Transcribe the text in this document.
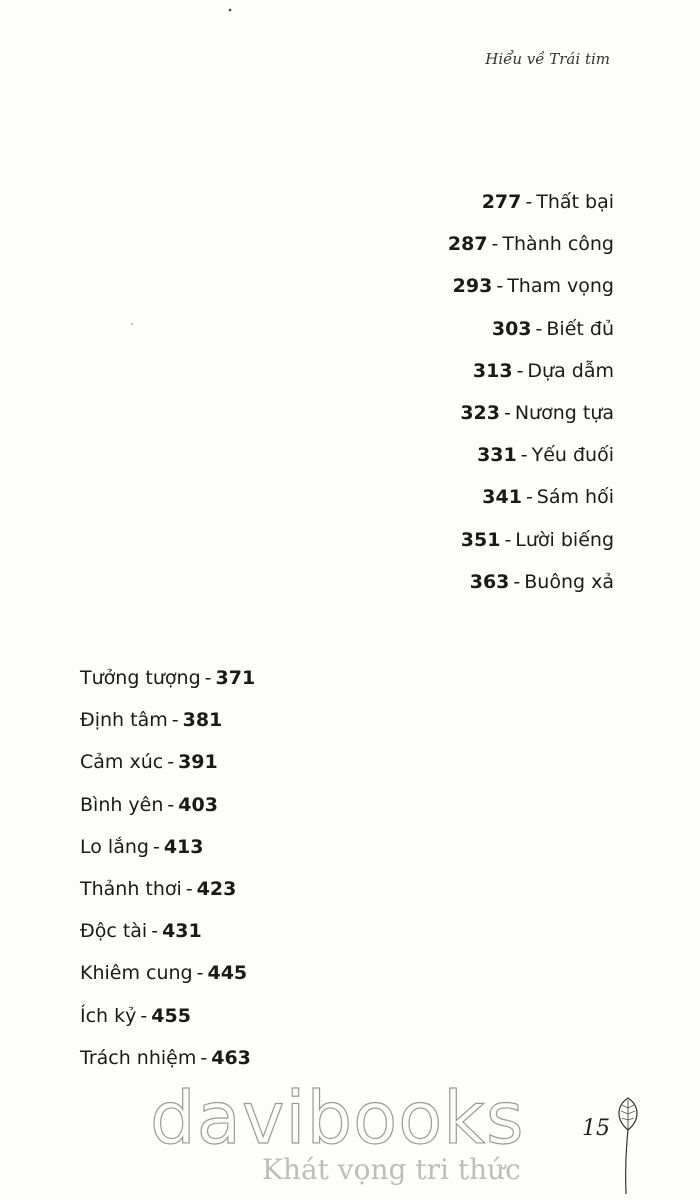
Hiểu về Trái tim
277 - Thất bại
287 - Thành công
293 - Tham vọng
303 - Biết đủ
313 - Dựa dẫm
323 - Nương tựa
331 - Yếu đuối
341 - Sám hối
351 - Lười biếng
363 - Buông xả
Tưởng tượng - 371
Định tâm - 381
Cảm xúc - 391
Bình yên - 403
Lo lắng - 413
Thảnh thơi - 423
Độc tài - 431
Khiêm cung - 445
Ích kỷ - 455
Trách nhiệm - 463
davibooks
Khát vọng tri thức
15
